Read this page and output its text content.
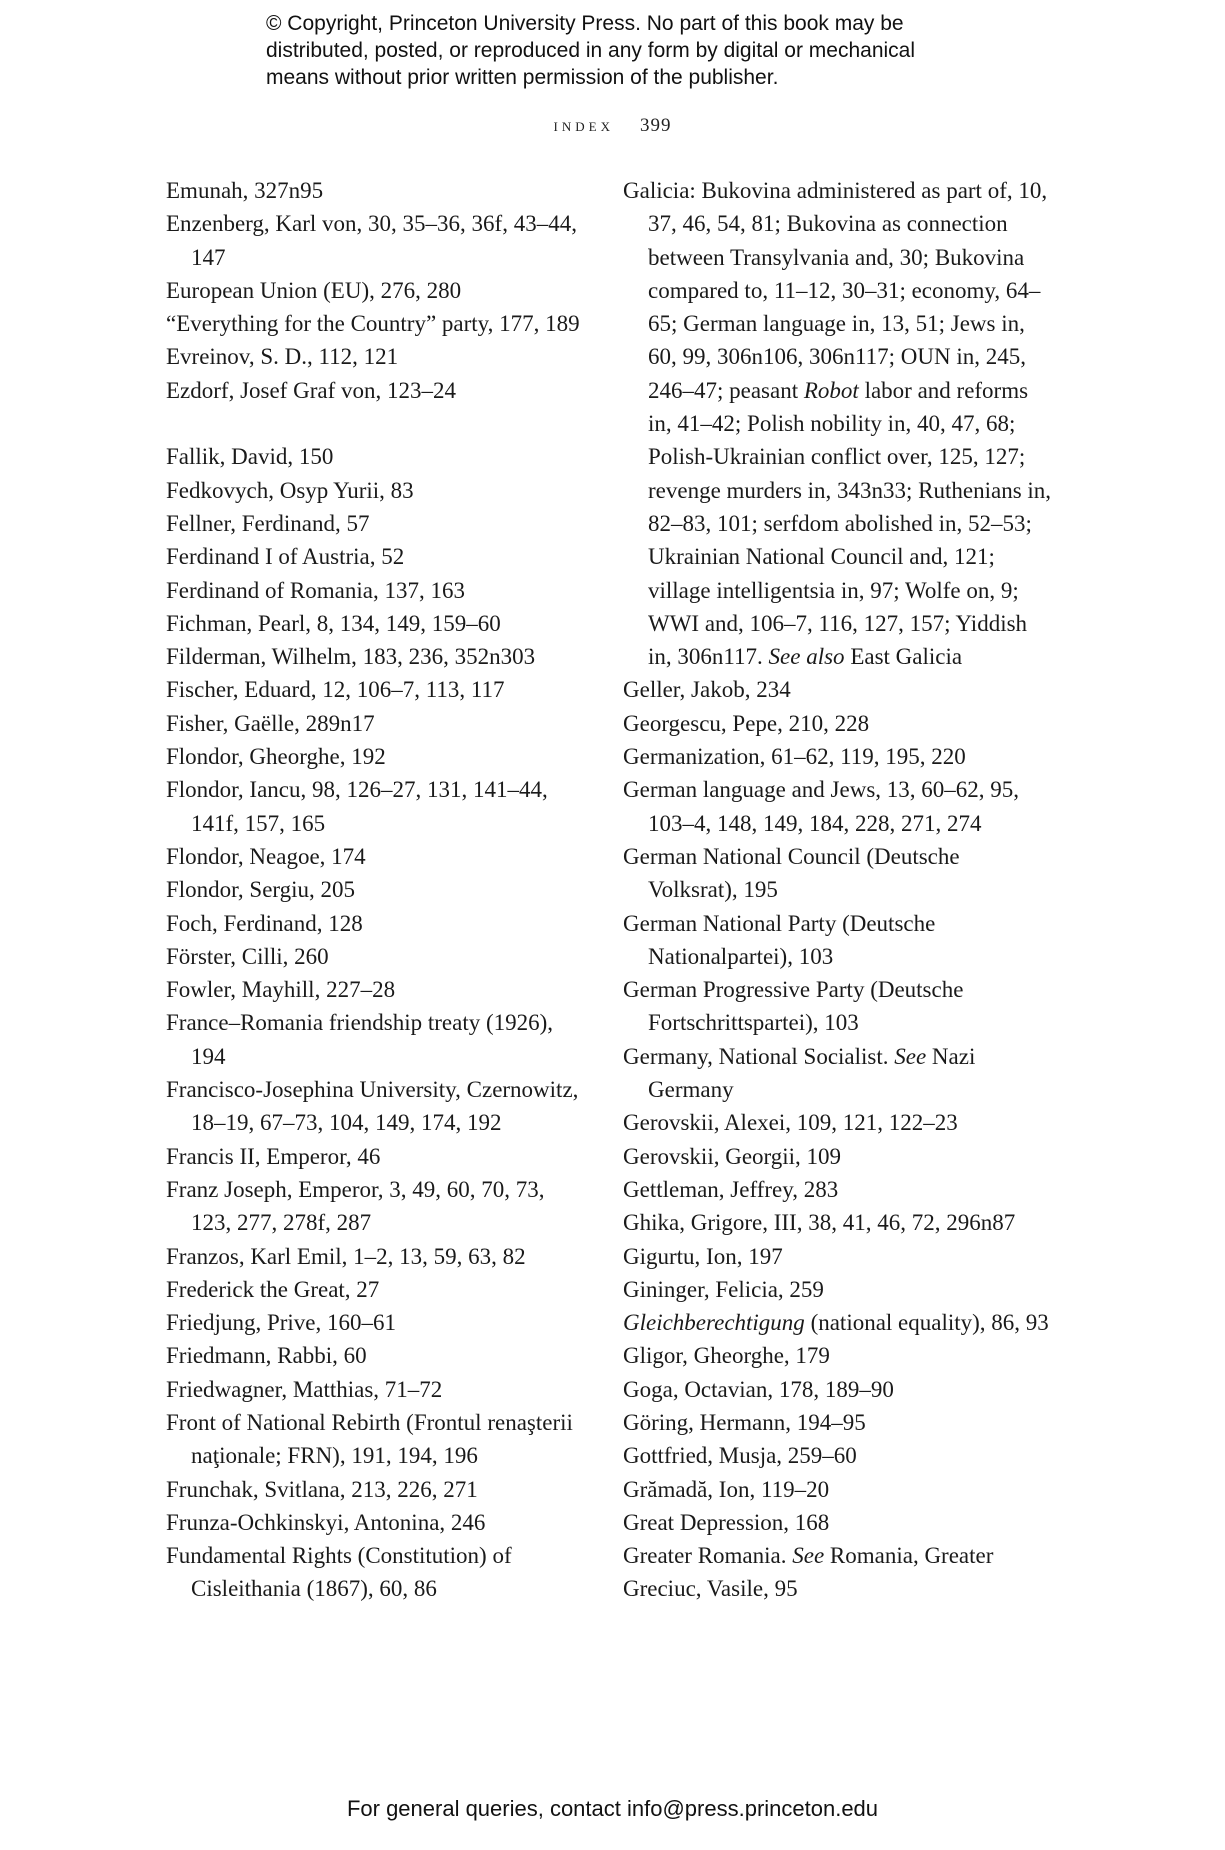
© Copyright, Princeton University Press. No part of this book may be
distributed, posted, or reproduced in any form by digital or mechanical
means without prior written permission of the publisher.
index 399
Emunah, 327n95
Enzenberg, Karl von, 30, 35–36, 36f, 43–44, 147
European Union (EU), 276, 280
“Everything for the Country” party, 177, 189
Evreinov, S. D., 112, 121
Ezdorf, Josef Graf von, 123–24
Fallik, David, 150
Fedkovych, Osyp Yurii, 83
Fellner, Ferdinand, 57
Ferdinand I of Austria, 52
Ferdinand of Romania, 137, 163
Fichman, Pearl, 8, 134, 149, 159–60
Filderman, Wilhelm, 183, 236, 352n303
Fischer, Eduard, 12, 106–7, 113, 117
Fisher, Gaëlle, 289n17
Flondor, Gheorghe, 192
Flondor, Iancu, 98, 126–27, 131, 141–44, 141f, 157, 165
Flondor, Neagoe, 174
Flondor, Sergiu, 205
Foch, Ferdinand, 128
Förster, Cilli, 260
Fowler, Mayhill, 227–28
France–Romania friendship treaty (1926), 194
Francisco-Josephina University, Czernowitz, 18–19, 67–73, 104, 149, 174, 192
Francis II, Emperor, 46
Franz Joseph, Emperor, 3, 49, 60, 70, 73, 123, 277, 278f, 287
Franzos, Karl Emil, 1–2, 13, 59, 63, 82
Frederick the Great, 27
Friedjung, Prive, 160–61
Friedmann, Rabbi, 60
Friedwagner, Matthias, 71–72
Front of National Rebirth (Frontul renaşterii naţionale; FRN), 191, 194, 196
Frunchak, Svitlana, 213, 226, 271
Frunza-Ochkinskyi, Antonina, 246
Fundamental Rights (Constitution) of Cisleithania (1867), 60, 86
Galicia: Bukovina administered as part of, 10, 37, 46, 54, 81; Bukovina as connection between Transylvania and, 30; Bukovina compared to, 11–12, 30–31; economy, 64–65; German language in, 13, 51; Jews in, 60, 99, 306n106, 306n117; OUN in, 245, 246–47; peasant Robot labor and reforms in, 41–42; Polish nobility in, 40, 47, 68; Polish-Ukrainian conflict over, 125, 127; revenge murders in, 343n33; Ruthenians in, 82–83, 101; serfdom abolished in, 52–53; Ukrainian National Council and, 121; village intelligentsia in, 97; Wolfe on, 9; WWI and, 106–7, 116, 127, 157; Yiddish in, 306n117. See also East Galicia
Geller, Jakob, 234
Georgescu, Pepe, 210, 228
Germanization, 61–62, 119, 195, 220
German language and Jews, 13, 60–62, 95, 103–4, 148, 149, 184, 228, 271, 274
German National Council (Deutsche Volksrat), 195
German National Party (Deutsche Nationalpartei), 103
German Progressive Party (Deutsche Fortschrittspartei), 103
Germany, National Socialist. See Nazi Germany
Gerovskii, Alexei, 109, 121, 122–23
Gerovskii, Georgii, 109
Gettleman, Jeffrey, 283
Ghika, Grigore, III, 38, 41, 46, 72, 296n87
Gigurtu, Ion, 197
Gininger, Felicia, 259
Gleichberechtigung (national equality), 86, 93
Gligor, Gheorghe, 179
Goga, Octavian, 178, 189–90
Göring, Hermann, 194–95
Gottfried, Musja, 259–60
Grămadă, Ion, 119–20
Great Depression, 168
Greater Romania. See Romania, Greater
Greciuc, Vasile, 95
For general queries, contact info@press.princeton.edu
